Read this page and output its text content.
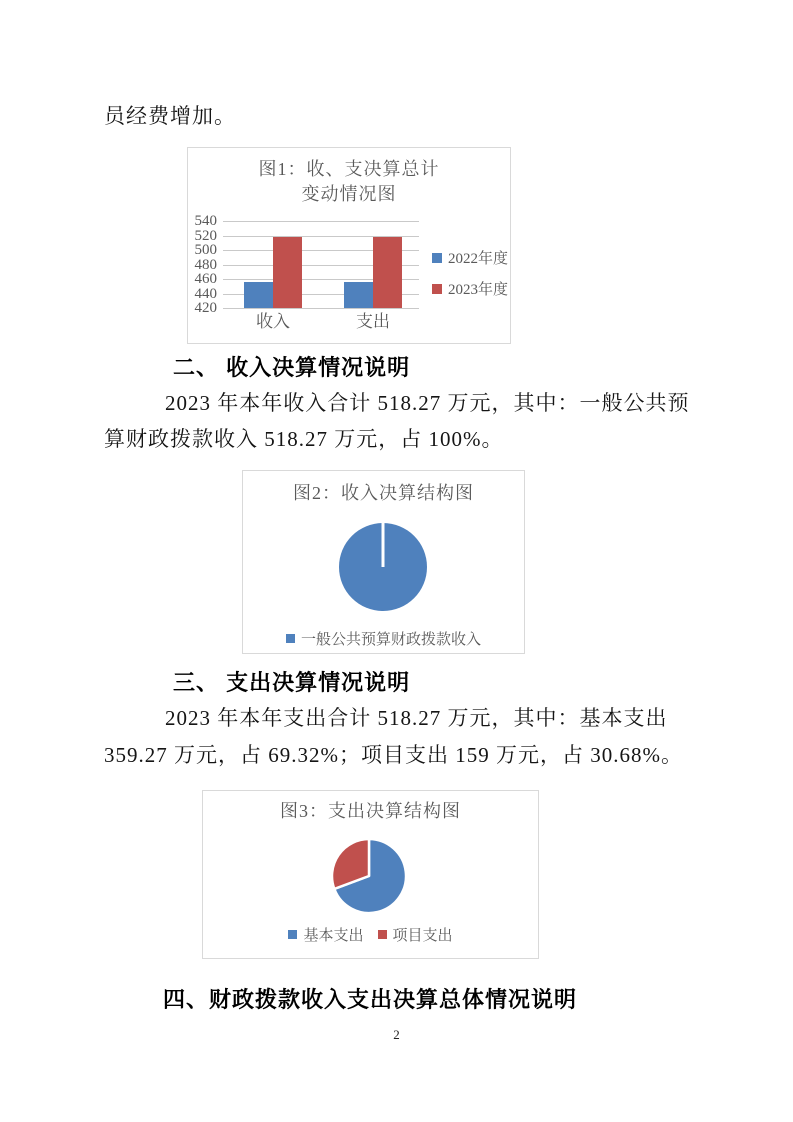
员经费增加。
图1：收、支决算总计
变动情况图
420
440
460
480
500
520
540
收入	支出
2022年度
2023年度
二、 收入决算情况说明
2023 年本年收入合计 518.27 万元，其中：一般公共预
算财政拨款收入 518.27 万元，占 100%。
图2：收入决算结构图
一般公共预算财政拨款收入
三、 支出决算情况说明
2023 年本年支出合计 518.27 万元，其中：基本支出
359.27 万元，占 69.32%；项目支出 159 万元，占 30.68%。
图3：支出决算结构图
基本支出 项目支出
四、财政拨款收入支出决算总体情况说明
2
